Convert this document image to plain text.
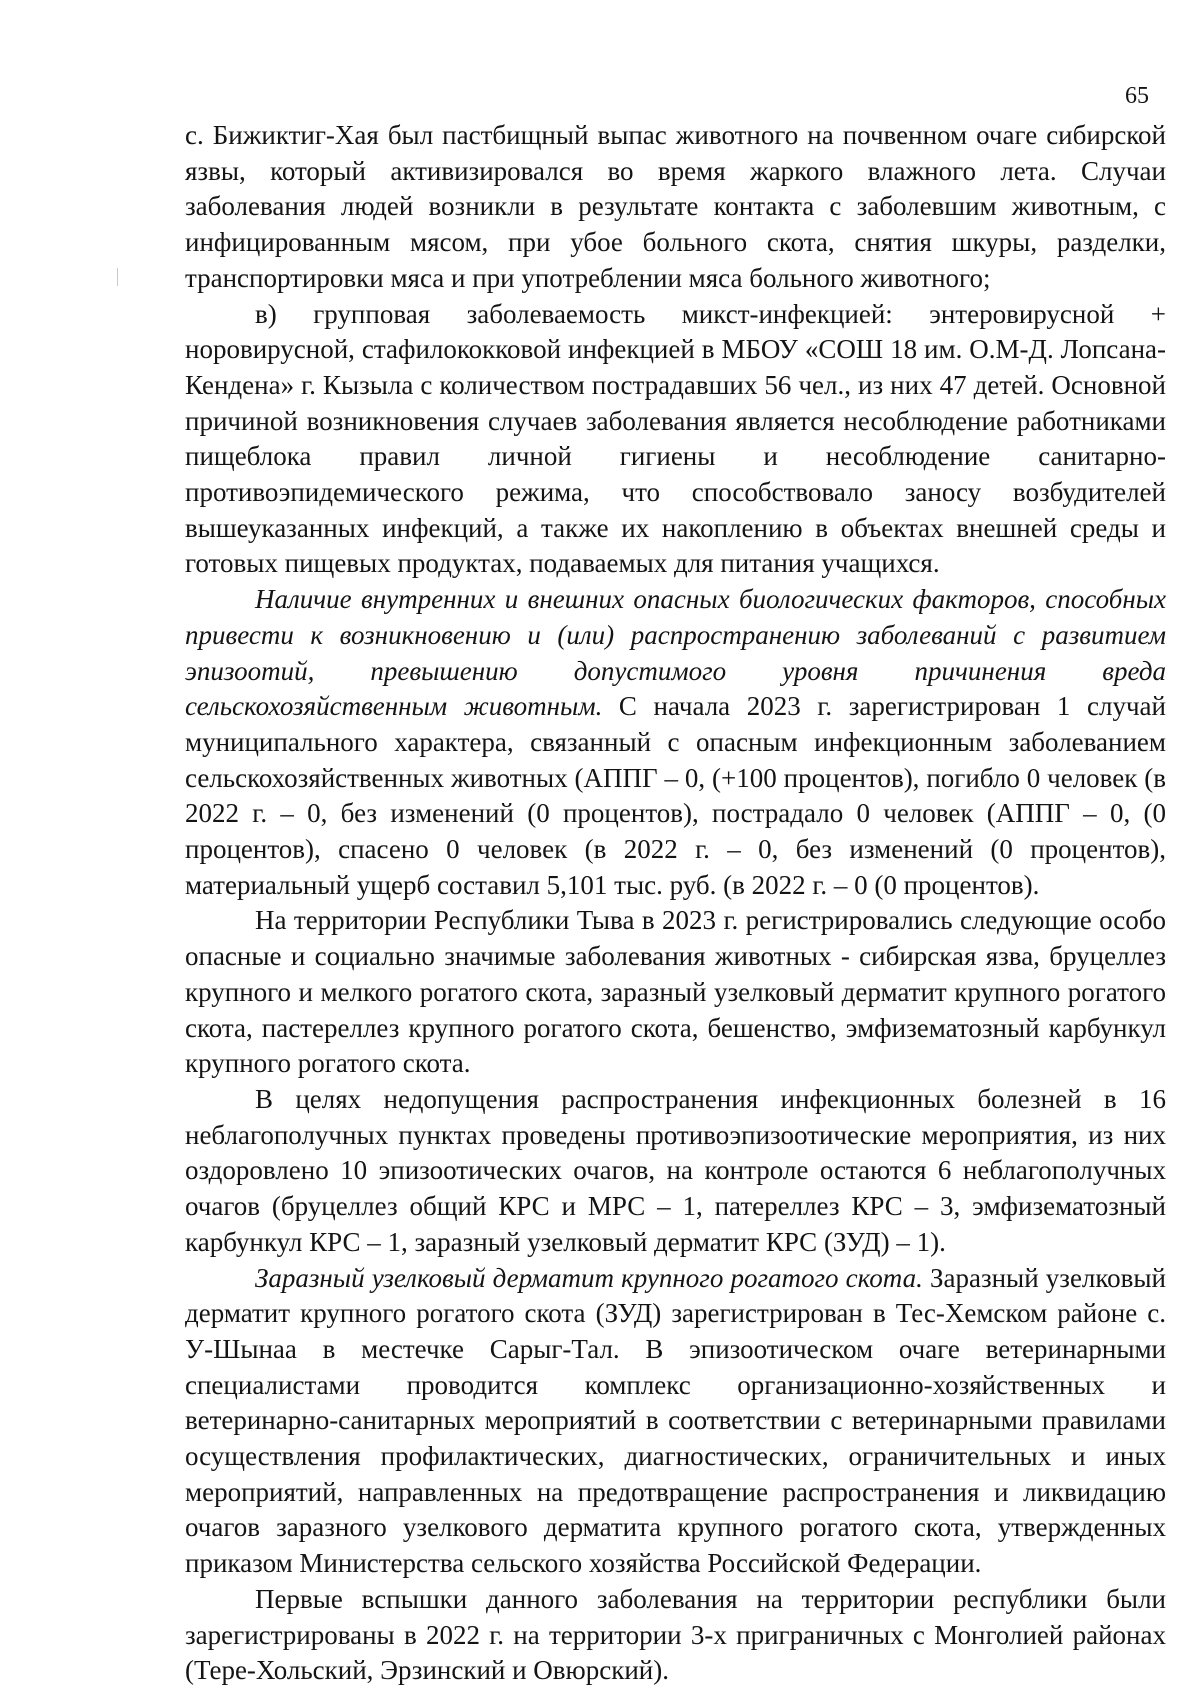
65

с. Бижиктиг-Хая был пастбищный выпас животного на почвенном очаге сибирской язвы, который активизировался во время жаркого влажного лета. Случаи заболевания людей возникли в результате контакта с заболевшим животным, с инфицированным мясом, при убое больного скота, снятия шкуры, разделки, транспортировки мяса и при употреблении мяса больного животного;

в) групповая заболеваемость микст-инфекцией: энтеровирусной + норовирусной, стафилококковой инфекцией в МБОУ «СОШ 18 им. О.М-Д. Лопсана-Кендена» г. Кызыла с количеством пострадавших 56 чел., из них 47 детей. Основной причиной возникновения случаев заболевания является несоблюдение работниками пищеблока правил личной гигиены и несоблюдение санитарно-противоэпидемического режима, что способствовало заносу возбудителей вышеуказанных инфекций, а также их накоплению в объектах внешней среды и готовых пищевых продуктах, подаваемых для питания учащихся.

Наличие внутренних и внешних опасных биологических факторов, способных привести к возникновению и (или) распространению заболеваний с развитием эпизоотий, превышению допустимого уровня причинения вреда сельскохозяйственным животным. С начала 2023 г. зарегистрирован 1 случай муниципального характера, связанный с опасным инфекционным заболеванием сельскохозяйственных животных (АППГ – 0, (+100 процентов), погибло 0 человек (в 2022 г. – 0, без изменений (0 процентов), пострадало 0 человек (АППГ – 0, (0 процентов), спасено 0 человек (в 2022 г. – 0, без изменений (0 процентов), материальный ущерб составил 5,101 тыс. руб. (в 2022 г. – 0 (0 процентов).

На территории Республики Тыва в 2023 г. регистрировались следующие особо опасные и социально значимые заболевания животных - сибирская язва, бруцеллез крупного и мелкого рогатого скота, заразный узелковый дерматит крупного рогатого скота, пастереллез крупного рогатого скота, бешенство, эмфизематозный карбункул крупного рогатого скота.

В целях недопущения распространения инфекционных болезней в 16 неблагополучных пунктах проведены противоэпизоотические мероприятия, из них оздоровлено 10 эпизоотических очагов, на контроле остаются 6 неблагополучных очагов (бруцеллез общий КРС и МРС – 1, патереллез КРС – 3, эмфизематозный карбункул КРС – 1, заразный узелковый дерматит КРС (ЗУД) – 1).

Заразный узелковый дерматит крупного рогатого скота. Заразный узелковый дерматит крупного рогатого скота (ЗУД) зарегистрирован в Тес-Хемском районе с. У-Шынаа в местечке Сарыг-Тал. В эпизоотическом очаге ветеринарными специалистами проводится комплекс организационно-хозяйственных и ветеринарно-санитарных мероприятий в соответствии с ветеринарными правилами осуществления профилактических, диагностических, ограничительных и иных мероприятий, направленных на предотвращение распространения и ликвидацию очагов заразного узелкового дерматита крупного рогатого скота, утвержденных приказом Министерства сельского хозяйства Российской Федерации.

Первые вспышки данного заболевания на территории республики были зарегистрированы в 2022 г. на территории 3-х приграничных с Монголией районах (Тере-Хольский, Эрзинский и Овюрский).
